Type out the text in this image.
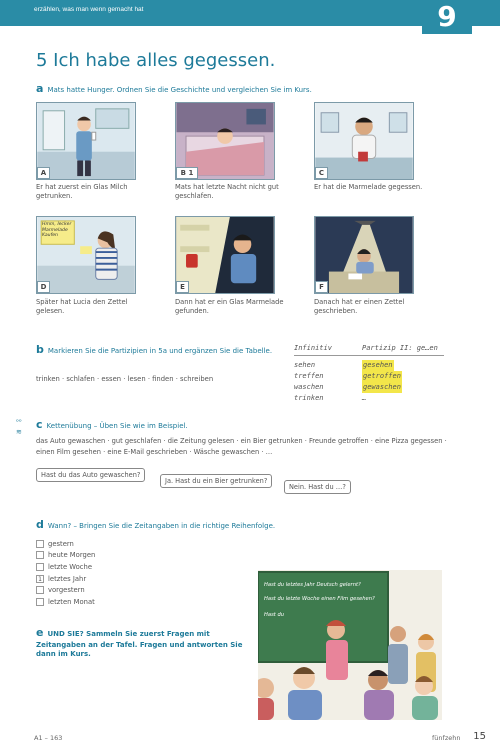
erzählen, was man wenn gemacht hat	9
5 Ich habe alles gegessen.
a Mats hatte Hunger. Ordnen Sie die Geschichte und vergleichen Sie im Kurs.
A
Er hat zuerst ein Glas Milch getrunken.
B 1
Mats hat letzte Nacht nicht gut geschlafen.
C
Er hat die Marmelade gegessen.
D
Hmm, lecker Marmelade Kaufen
Später hat Lucia den Zettel gelesen.
E
Dann hat er ein Glas Marmelade gefunden.
F
Danach hat er einen Zettel geschrieben.
b Markieren Sie die Partizipien in 5a und ergänzen Sie die Tabelle.
trinken · schlafen · essen · lesen · finden · schreiben
Infinitiv	Partizip II: ge…en
sehen	gesehen
treffen	getroffen
waschen	gewaschen
trinken	…
ᵒᵒ
≋
c Kettenübung – Üben Sie wie im Beispiel.
das Auto gewaschen · gut geschlafen · die Zeitung gelesen · ein Bier getrunken · Freunde getroffen · eine Pizza gegessen · einen Film gesehen · eine E-Mail geschrieben · Wäsche gewaschen · …
Hast du das Auto gewaschen?
Ja. Hast du ein Bier getrunken?
Nein. Hast du …?
d Wann? – Bringen Sie die Zeitangaben in die richtige Reihenfolge.
gestern
heute Morgen
letzte Woche
1 letztes Jahr
vorgestern
letzten Monat
eUND SIE? Sammeln Sie zuerst Fragen mit Zeitangaben an der Tafel. Fragen und antworten Sie dann im Kurs.
Hast du letztes Jahr Deutsch gelernt?
Hast du letzte Woche einen Film gesehen?
Hast du
A1 – 163	fünfzehn 15
